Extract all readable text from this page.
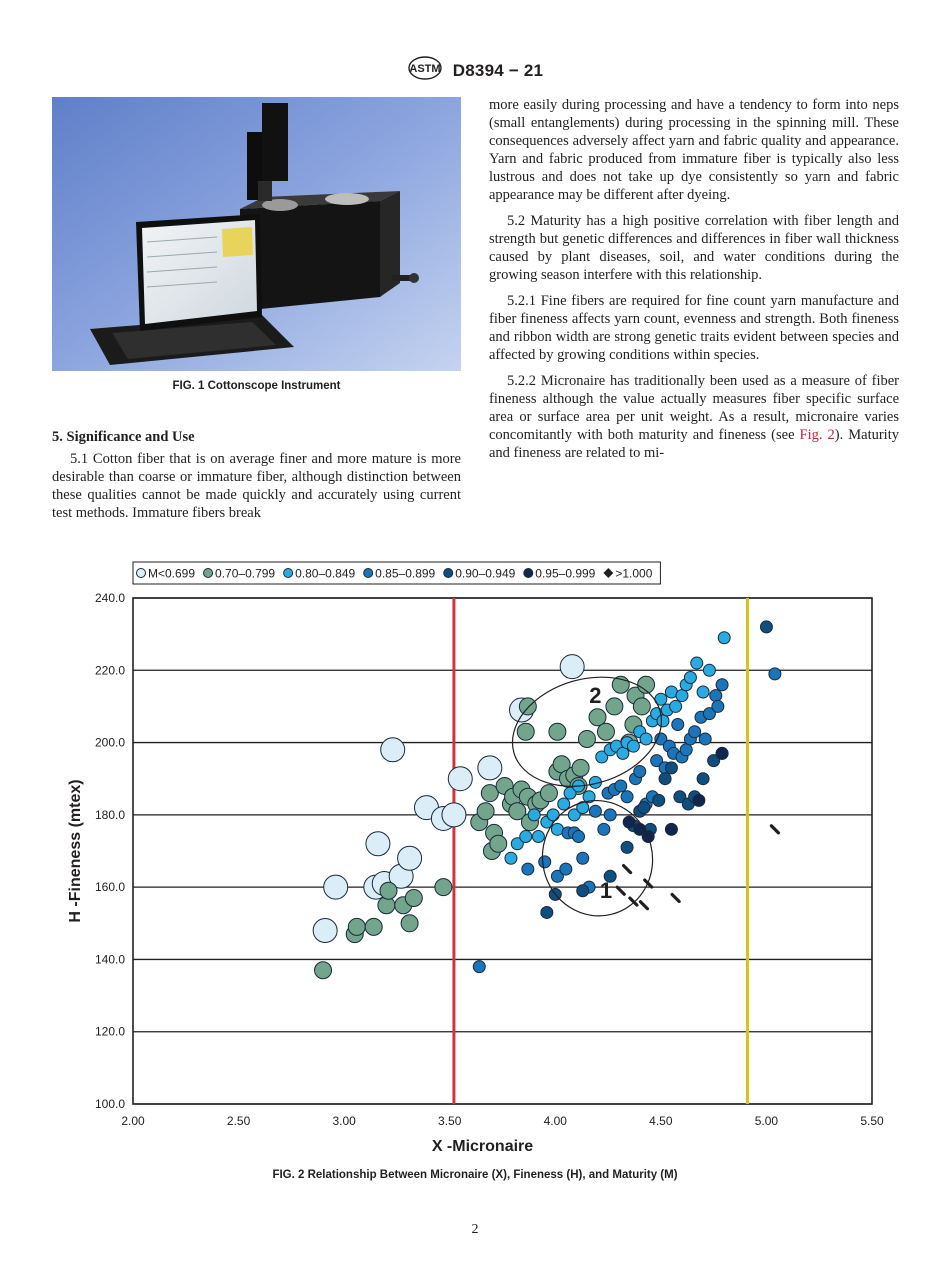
ASTM D8394 − 21
FIG. 1 Cottonscope Instrument

5. Significance and Use

5.1 Cotton fiber that is on average finer and more mature is more desirable than coarse or immature fiber, although distinction between these qualities cannot be made quickly and accurately using current test methods. Immature fibers break

more easily during processing and have a tendency to form into neps (small entanglements) during processing in the spinning mill. These consequences adversely affect yarn and fabric quality and appearance. Yarn and fabric produced from immature fiber is typically also less lustrous and does not take up dye consistently so yarn and fabric appearance may be different after dyeing.

5.2 Maturity has a high positive correlation with fiber length and strength but genetic differences and differences in fiber wall thickness caused by plant diseases, soil, and water conditions during the growing season interfere with this relationship.

5.2.1 Fine fibers are required for fine count yarn manufacture and fiber fineness affects yarn count, evenness and strength. Both fineness and ribbon width are strong genetic traits evident between species and affected by growing conditions within species.

5.2.2 Micronaire has traditionally been used as a measure of fiber fineness although the value actually measures fiber specific surface area or surface area per unit weight. As a result, micronaire varies concomitantly with both maturity and fineness (see Fig. 2). Maturity and fineness are related to mi-

100.0
120.0
140.0
160.0
180.0
200.0
220.0
240.0
2.00	2.50	3.00	3.50	4.00	4.50	5.00	5.50
X -Micronaire
H -Fineness (mtex)
2
1
M<0.699 0.70–0.799 0.80–0.849 0.85–0.899 0.90–0.949 0.95–0.999 >1.000
FIG. 2 Relationship Between Micronaire (X), Fineness (H), and Maturity (M)
2
